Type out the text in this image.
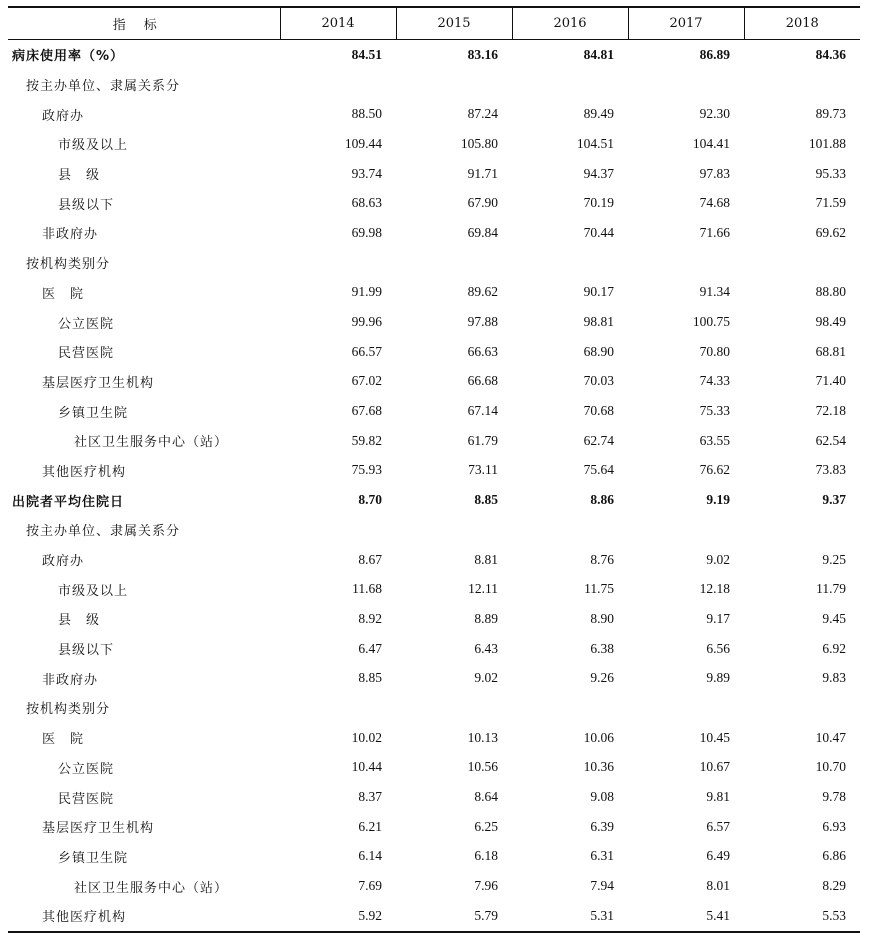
指标	2014	2015	2016	2017	2018
病床使用率（%）	84.51	83.16	84.81	86.89	84.36
按主办单位、隶属关系分					
政府办	88.50	87.24	89.49	92.30	89.73
市级及以上	109.44	105.80	104.51	104.41	101.88
县　级	93.74	91.71	94.37	97.83	95.33
县级以下	68.63	67.90	70.19	74.68	71.59
非政府办	69.98	69.84	70.44	71.66	69.62
按机构类别分					
医　院	91.99	89.62	90.17	91.34	88.80
公立医院	99.96	97.88	98.81	100.75	98.49
民营医院	66.57	66.63	68.90	70.80	68.81
基层医疗卫生机构	67.02	66.68	70.03	74.33	71.40
乡镇卫生院	67.68	67.14	70.68	75.33	72.18
社区卫生服务中心（站）	59.82	61.79	62.74	63.55	62.54
其他医疗机构	75.93	73.11	75.64	76.62	73.83
出院者平均住院日	8.70	8.85	8.86	9.19	9.37
按主办单位、隶属关系分					
政府办	8.67	8.81	8.76	9.02	9.25
市级及以上	11.68	12.11	11.75	12.18	11.79
县　级	8.92	8.89	8.90	9.17	9.45
县级以下	6.47	6.43	6.38	6.56	6.92
非政府办	8.85	9.02	9.26	9.89	9.83
按机构类别分					
医　院	10.02	10.13	10.06	10.45	10.47
公立医院	10.44	10.56	10.36	10.67	10.70
民营医院	8.37	8.64	9.08	9.81	9.78
基层医疗卫生机构	6.21	6.25	6.39	6.57	6.93
乡镇卫生院	6.14	6.18	6.31	6.49	6.86
社区卫生服务中心（站）	7.69	7.96	7.94	8.01	8.29
其他医疗机构	5.92	5.79	5.31	5.41	5.53
